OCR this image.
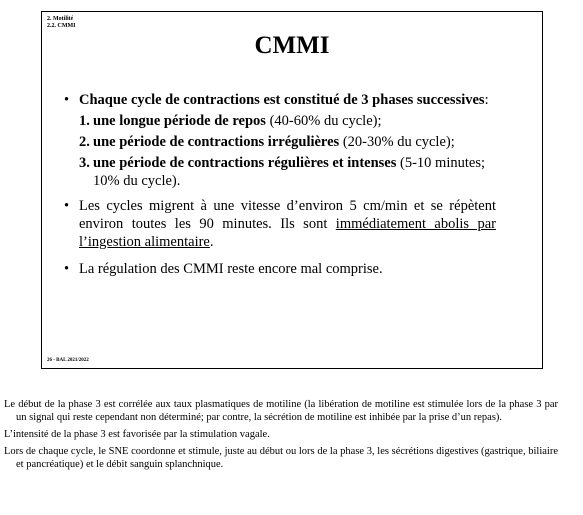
2. Motilité
2.2. CMMI
CMMI
• Chaque cycle de contractions est constitué de 3 phases successives:
1. une longue période de repos (40-60% du cycle);
2. une période de contractions irrégulières (20-30% du cycle);
3. une période de contractions régulières et intenses (5-10 minutes; 10% du cycle).
• Les cycles migrent à une vitesse d’environ 5 cm/min et se répètent environ toutes les 90 minutes. Ils sont immédiatement abolis par l’ingestion alimentaire.
• La régulation des CMMI reste encore mal comprise.
26 - BAL 2021/2022

Le début de la phase 3 est corrélée aux taux plasmatiques de motiline (la libération de motiline est stimulée lors de la phase 3 par un signal qui reste cependant non déterminé; par contre, la sécrétion de motiline est inhibée par la prise d’un repas).

L’intensité de la phase 3 est favorisée par la stimulation vagale.

Lors de chaque cycle, le SNE coordonne et stimule, juste au début ou lors de la phase 3, les sécrétions digestives (gastrique, biliaire et pancréatique) et le débit sanguin splanchnique.
